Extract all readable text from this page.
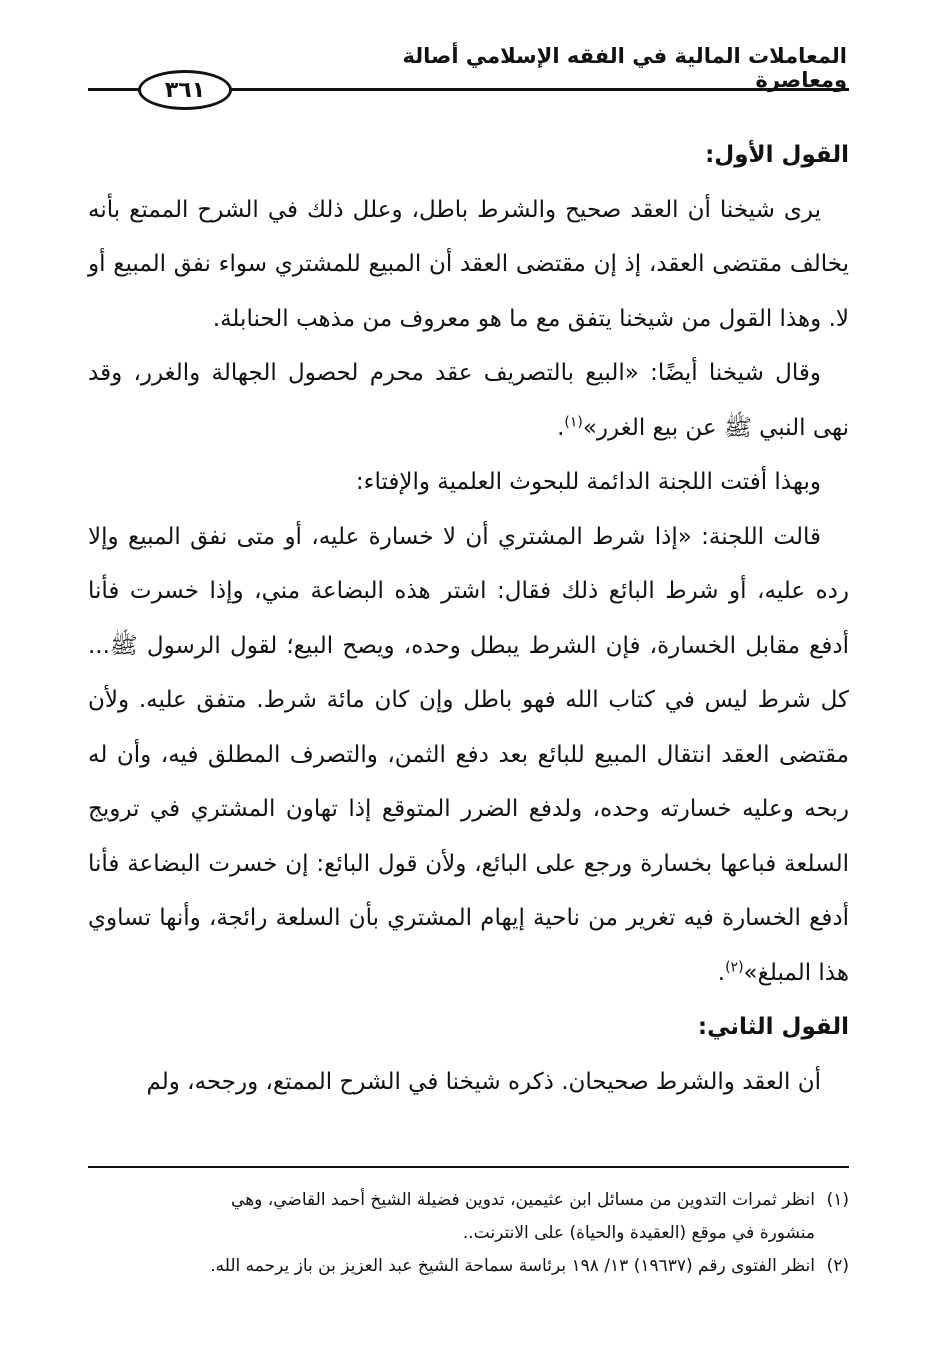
المعاملات المالية في الفقه الإسلامي أصالة ومعاصرة
٣٦١

القول الأول:

يرى شيخنا أن العقد صحيح والشرط باطل، وعلل ذلك في الشرح الممتع بأنه يخالف مقتضى العقد، إذ إن مقتضى العقد أن المبيع للمشتري سواء نفق المبيع أو لا. وهذا القول من شيخنا يتفق مع ما هو معروف من مذهب الحنابلة.

وقال شيخنا أيضًا: «البيع بالتصريف عقد محرم لحصول الجهالة والغرر، وقد نهى النبي ﷺ عن بيع الغرر»$^{(١)}$.

وبهذا أفتت اللجنة الدائمة للبحوث العلمية والإفتاء:

قالت اللجنة: «إذا شرط المشتري أن لا خسارة عليه، أو متى نفق المبيع وإلا رده عليه، أو شرط البائع ذلك فقال: اشتر هذه البضاعة مني، وإذا خسرت فأنا أدفع مقابل الخسارة، فإن الشرط يبطل وحده، ويصح البيع؛ لقول الرسول ﷺ... كل شرط ليس في كتاب الله فهو باطل وإن كان مائة شرط. متفق عليه. ولأن مقتضى العقد انتقال المبيع للبائع بعد دفع الثمن، والتصرف المطلق فيه، وأن له ربحه وعليه خسارته وحده، ولدفع الضرر المتوقع إذا تهاون المشتري في ترويج السلعة فباعها بخسارة ورجع على البائع، ولأن قول البائع: إن خسرت البضاعة فأنا أدفع الخسارة فيه تغرير من ناحية إيهام المشتري بأن السلعة رائجة، وأنها تساوي هذا المبلغ»$^{(٢)}$.

القول الثاني:

أن العقد والشرط صحيحان. ذكره شيخنا في الشرح الممتع، ورجحه، ولم

(١)انظر ثمرات التدوين من مسائل ابن عثيمين، تدوين فضيلة الشيخ أحمد القاضي، وهي

منشورة في موقع (العقيدة والحياة) على الانترنت..

(٢)انظر الفتوى رقم (١٩٦٣٧) ١٣/ ١٩٨ برئاسة سماحة الشيخ عبد العزيز بن باز يرحمه الله.
